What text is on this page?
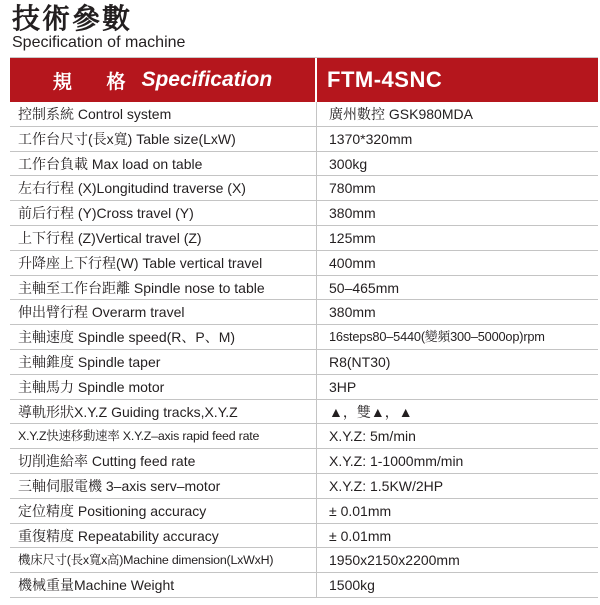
技術參數
Specification of machine
規 格 Specification FTM-4SNC
控制系統 Control system	廣州數控 GSK980MDA
工作台尺寸(長x寬) Table size(LxW)	1370*320mm
工作台負載 Max load on table	300kg
左右行程 (X)Longitudind traverse (X)	780mm
前后行程 (Y)Cross travel (Y)	380mm
上下行程 (Z)Vertical travel (Z)	125mm
升降座上下行程(W) Table vertical travel	400mm
主軸至工作台距離 Spindle nose to table	50–465mm
伸出臂行程 Overarm travel	380mm
主軸速度 Spindle speed(R、P、M)	16steps80–5440(變頻300–5000op)rpm
主軸錐度 Spindle taper	R8(NT30)
主軸馬力 Spindle motor	3HP
導軌形狀X.Y.Z Guiding tracks,X.Y.Z	▲，雙▲，▲
X.Y.Z快速移動速率 X.Y.Z–axis rapid feed rate	X.Y.Z: 5m/min
切削進給率 Cutting feed rate	X.Y.Z: 1-1000mm/min
三軸伺服電機 3–axis serv–motor	X.Y.Z: 1.5KW/2HP
定位精度 Positioning accuracy	± 0.01mm
重復精度 Repeatability accuracy	± 0.01mm
機床尺寸(長x寬x高)Machine dimension(LxWxH)	1950x2150x2200mm
機械重量Machine Weight	1500kg
